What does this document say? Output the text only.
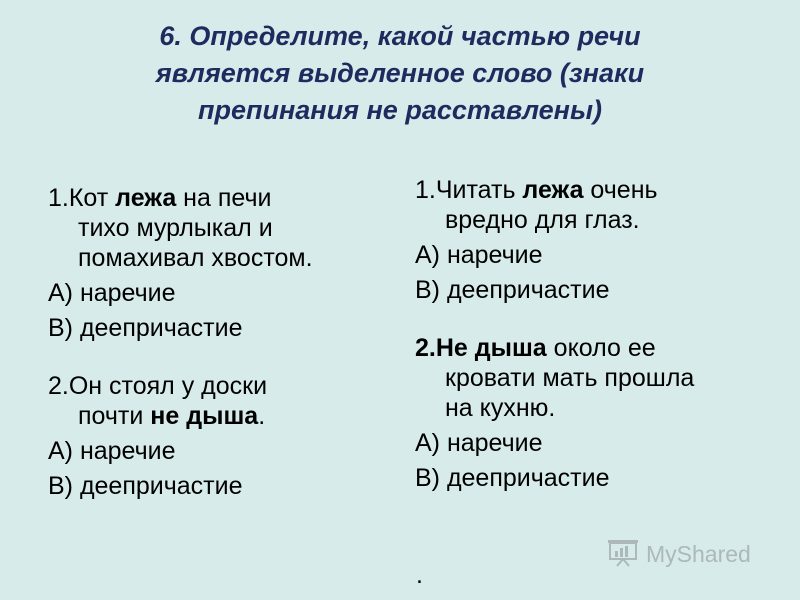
6. Определите, какой частью речи
является выделенное слово (знаки
препинания не расставлены)
1.Кот лежа на печи
тихо мурлыкал и
помахивал хвостом.
А) наречие
В) деепричастие
2.Он стоял у доски
почти не дыша.
А) наречие
В) деепричастие
1.Читать лежа очень
вредно для глаз.
А) наречие
В) деепричастие
2.Не дыша около ее
кровати мать прошла
на кухню.
А) наречие
В) деепричастие
.
MyShared
